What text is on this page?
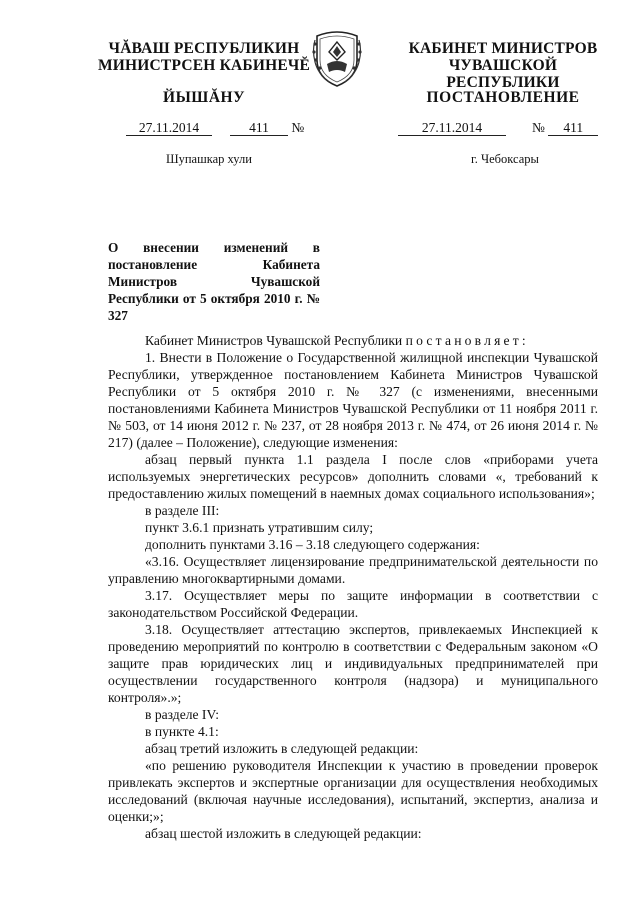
ЧĂВАШ РЕСПУБЛИКИН
МИНИСТРСЕН КАБИНЕЧĔ
КАБИНЕТ МИНИСТРОВ
ЧУВАШСКОЙ РЕСПУБЛИКИ
ЙЫШĂНУ	ПОСТАНОВЛЕНИЕ
27.11.2014	411 №	27.11.2014	№ 411
Шупашкар хули	г. Чебоксары
О внесении изменений в постановление Кабинета Министров Чувашской Республики от 5 октября 2010 г. № 327

Кабинет Министров Чувашской Республики постановляет:

1. Внести в Положение о Государственной жилищной инспекции Чувашской Республики, утвержденное постановлением Кабинета Министров Чувашской Республики от 5 октября 2010 г. № 327 (с изменениями, внесенными постановлениями Кабинета Министров Чувашской Республики от 11 ноября 2011 г. № 503, от 14 июня 2012 г. № 237, от 28 ноября 2013 г. № 474, от 26 июня 2014 г. № 217) (далее – Положение), следующие изменения:

абзац первый пункта 1.1 раздела I после слов «приборами учета используемых энергетических ресурсов» дополнить словами «, требований к предоставлению жилых помещений в наемных домах социального использования»;

в разделе III:

пункт 3.6.1 признать утратившим силу;

дополнить пунктами 3.16 – 3.18 следующего содержания:

«3.16. Осуществляет лицензирование предпринимательской деятельности по управлению многоквартирными домами.

3.17. Осуществляет меры по защите информации в соответствии с законодательством Российской Федерации.

3.18. Осуществляет аттестацию экспертов, привлекаемых Инспекцией к проведению мероприятий по контролю в соответствии с Федеральным законом «О защите прав юридических лиц и индивидуальных предпринимателей при осуществлении государственного контроля (надзора) и муниципального контроля».»;

в разделе IV:

в пункте 4.1:

абзац третий изложить в следующей редакции:

«по решению руководителя Инспекции к участию в проведении проверок привлекать экспертов и экспертные организации для осуществления необходимых исследований (включая научные исследования), испытаний, экспертиз, анализа и оценки;»;

абзац шестой изложить в следующей редакции:
